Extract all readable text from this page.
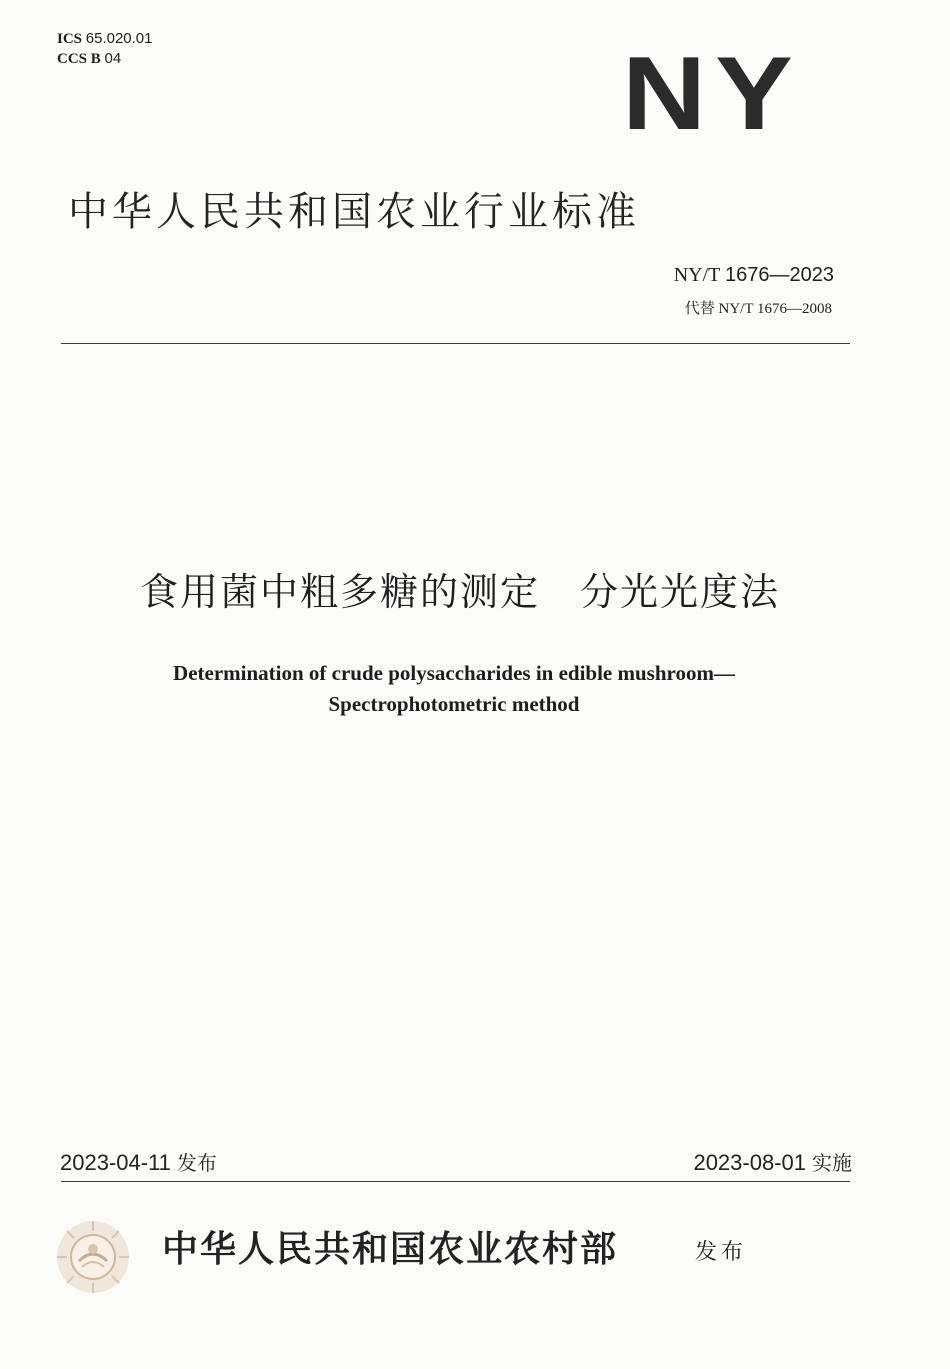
ICS 65.020.01
CCS B 04	NY
中华人民共和国农业行业标准
NY/T 1676—2023
代替 NY/T 1676—2008
食用菌中粗多糖的测定　分光光度法
Determination of crude polysaccharides in edible mushroom—
Spectrophotometric method
2023-04-11 发布	2023-08-01 实施
中华人民共和国农业农村部	发布
